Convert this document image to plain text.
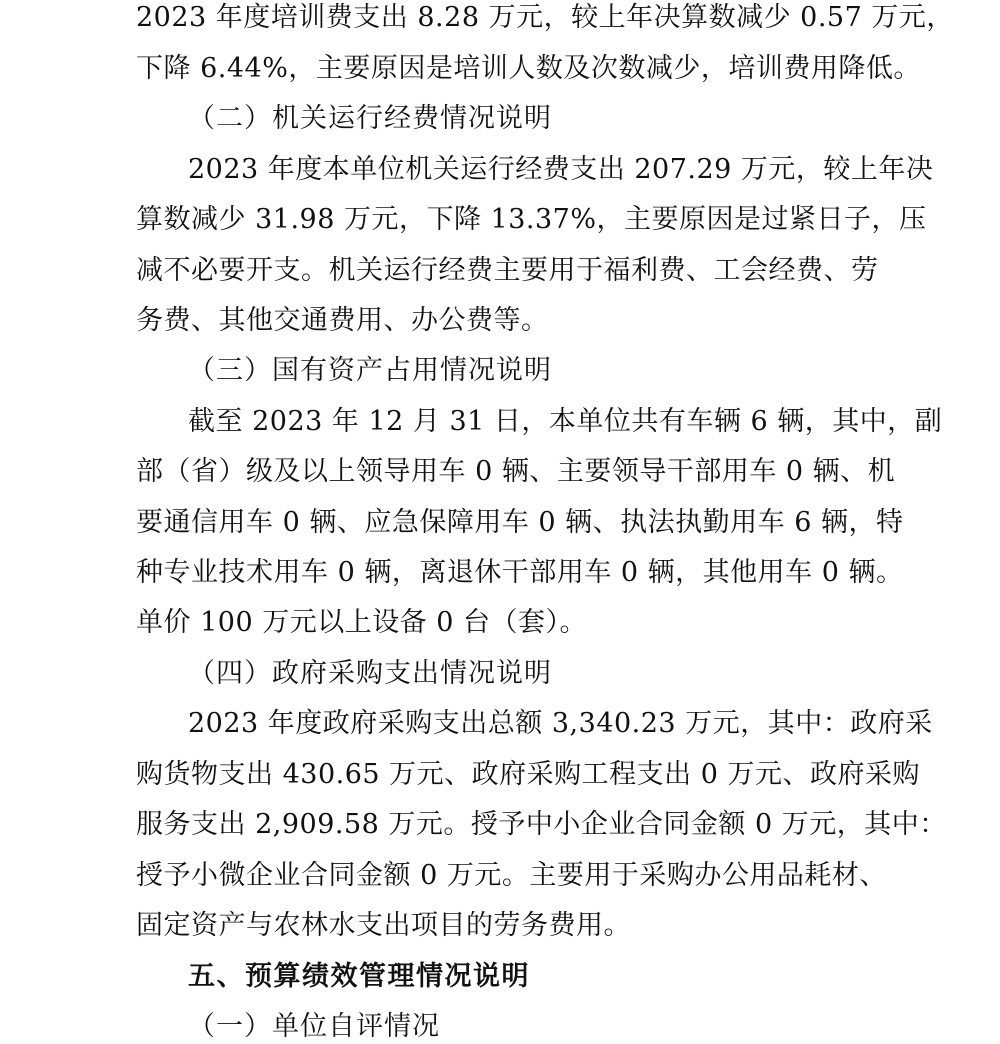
2023 年度培训费支出 8.28 万元，较上年决算数减少 0.57 万元，
下降 6.44%，主要原因是培训人数及次数减少，培训费用降低。
（二）机关运行经费情况说明
2023 年度本单位机关运行经费支出 207.29 万元，较上年决
算数减少 31.98 万元，下降 13.37%，主要原因是过紧日子，压
减不必要开支。机关运行经费主要用于福利费、工会经费、劳
务费、其他交通费用、办公费等。
（三）国有资产占用情况说明
截至 2023 年 12 月 31 日，本单位共有车辆 6 辆，其中，副
部（省）级及以上领导用车 0 辆、主要领导干部用车 0 辆、机
要通信用车 0 辆、应急保障用车 0 辆、执法执勤用车 6 辆，特
种专业技术用车 0 辆，离退休干部用车 0 辆，其他用车 0 辆。
单价 100 万元以上设备 0 台（套）。
（四）政府采购支出情况说明
2023 年度政府采购支出总额 3,340.23 万元，其中：政府采
购货物支出 430.65 万元、政府采购工程支出 0 万元、政府采购
服务支出 2,909.58 万元。授予中小企业合同金额 0 万元，其中：
授予小微企业合同金额 0 万元。主要用于采购办公用品耗材、
固定资产与农林水支出项目的劳务费用。
五、预算绩效管理情况说明
（一）单位自评情况
